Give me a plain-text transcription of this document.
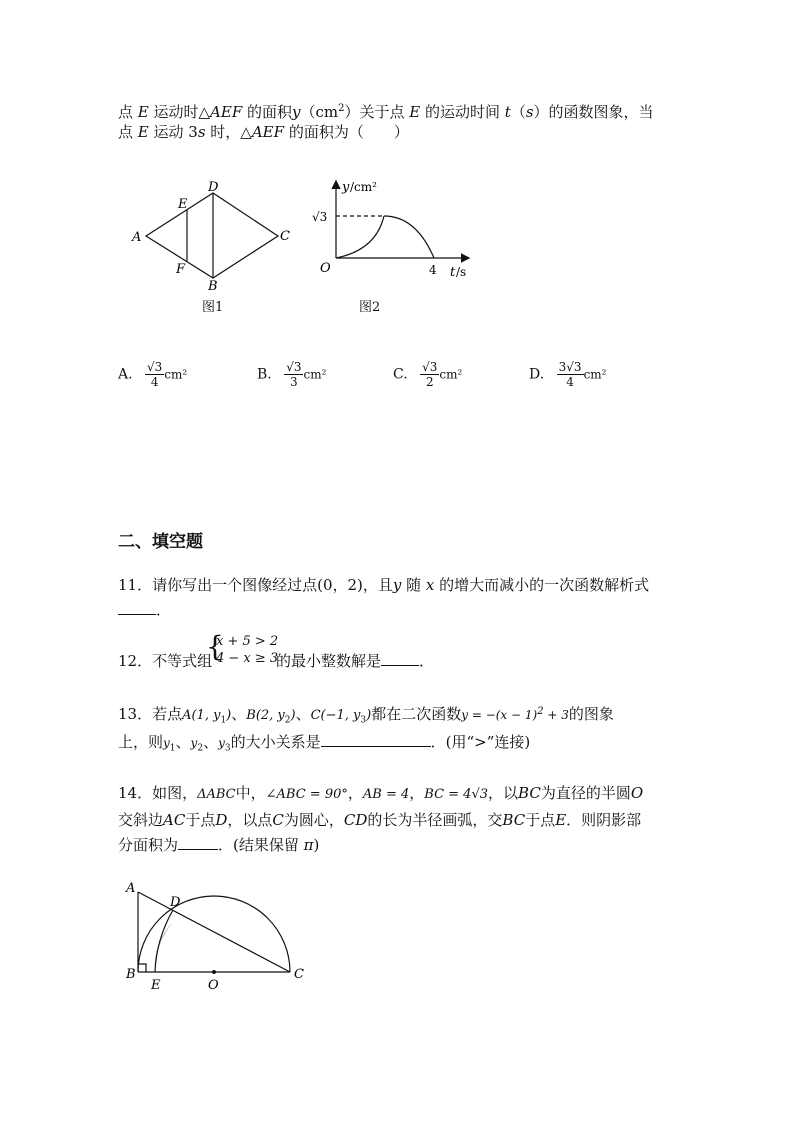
点 E 运动时△AEF 的面积$y(cm^2)$关于点 E 的运动时间 t（s）的函数图象，当
点 E 运动 3s 时，△AEF 的面积为（　　）
A
D
C
B
E
F
图1
y /cm²
√3
O	4 t /s
图2
A. $\frac{√3}{4} cm^2$	B. $\frac{√3}{3} cm^2$	C. $\frac{√3}{2} cm^2$	D. $\frac{3√3}{4} cm^2$
二、填空题
11．请你写出一个图像经过点(0，2)，且y 随 x 的增大而减小的一次函数解析式
．
12．不等式组
{
x + 5 > 2
4 − x ≥ 3
的最小整数解是	．
13．若点A(1, $y_1$)、B(2, $y_2$)、C(−1, $y_3$)都在二次函数$y = -(x - 1)^2 + 3$的图象
上，则$y_1$、$y_2$、$y_3$的大小关系是	．(用“>”连接)
14．如图，ΔABC中，∠ABC = 90°，AB = 4，BC = 4√3，以BC为直径的半圆O
交斜边AC于点D，以点C为圆心，CD的长为半径画弧，交BC于点E．则阴影部
分面积为	．(结果保留 π)
A
D
B
E	O
C
